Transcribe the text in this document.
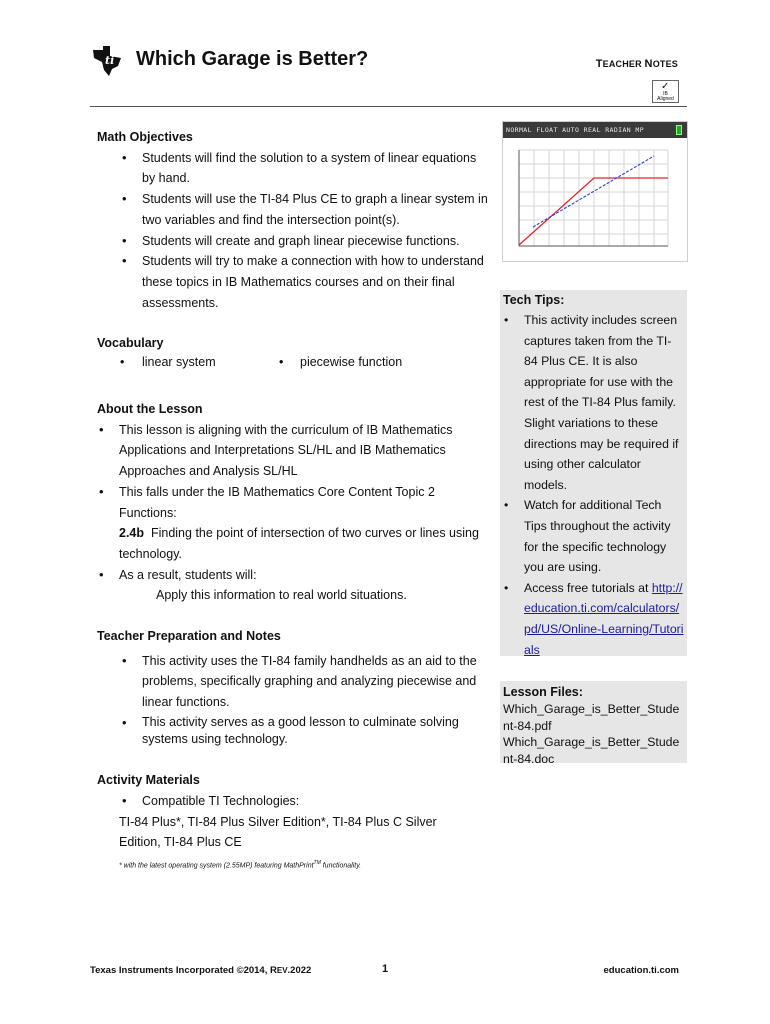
ti Which Garage is Better?	TEACHER NOTES
✓
IB
Aligned
Math Objectives
• Students will find the solution to a system of linear equations by hand.
• Students will use the TI-84 Plus CE to graph a linear system in two variables and find the intersection point(s).
• Students will create and graph linear piecewise functions.
• Students will try to make a connection with how to understand these topics in IB Mathematics courses and on their final assessments.
Vocabulary
• linear system	• piecewise function
About the Lesson
• This lesson is aligning with the curriculum of IB Mathematics Applications and Interpretations SL/HL and IB Mathematics Approaches and Analysis SL/HL
• This falls under the IB Mathematics Core Content Topic 2 Functions:
2.4b Finding the point of intersection of two curves or lines using technology.
• As a result, students will:
Apply this information to real world situations.
Teacher Preparation and Notes
• This activity uses the TI-84 family handhelds as an aid to the problems, specifically graphing and analyzing piecewise and linear functions.
• This activity serves as a good lesson to culminate solving systems using technology.
Activity Materials
• Compatible TI Technologies:
TI-84 Plus*, TI-84 Plus Silver Edition*, TI-84 Plus C Silver Edition, TI-84 Plus CE
* with the latest operating system (2.55MP) featuring MathPrint™ functionality.
NORMAL FLOAT AUTO REAL RADIAN MP
Tech Tips:
• This activity includes screen captures taken from the TI-84 Plus CE. It is also appropriate for use with the rest of the TI-84 Plus family. Slight variations to these directions may be required if using other calculator models.
• Watch for additional Tech Tips throughout the activity for the specific technology you are using.
• Access free tutorials at http://education.ti.com/calculators/pd/US/Online-Learning/Tutorials
Lesson Files:
Which_Garage_is_Better_Student-84.pdf
Which_Garage_is_Better_Student-84.doc
Texas Instruments Incorporated ©2014, REV.2022	1	education.ti.com
